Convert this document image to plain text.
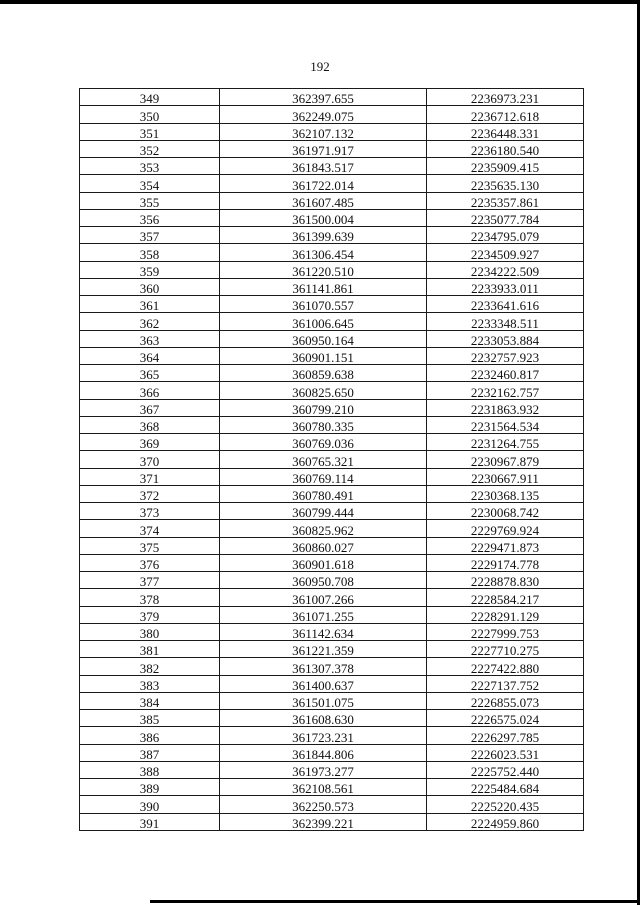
192
349	362397.655	2236973.231
350	362249.075	2236712.618
351	362107.132	2236448.331
352	361971.917	2236180.540
353	361843.517	2235909.415
354	361722.014	2235635.130
355	361607.485	2235357.861
356	361500.004	2235077.784
357	361399.639	2234795.079
358	361306.454	2234509.927
359	361220.510	2234222.509
360	361141.861	2233933.011
361	361070.557	2233641.616
362	361006.645	2233348.511
363	360950.164	2233053.884
364	360901.151	2232757.923
365	360859.638	2232460.817
366	360825.650	2232162.757
367	360799.210	2231863.932
368	360780.335	2231564.534
369	360769.036	2231264.755
370	360765.321	2230967.879
371	360769.114	2230667.911
372	360780.491	2230368.135
373	360799.444	2230068.742
374	360825.962	2229769.924
375	360860.027	2229471.873
376	360901.618	2229174.778
377	360950.708	2228878.830
378	361007.266	2228584.217
379	361071.255	2228291.129
380	361142.634	2227999.753
381	361221.359	2227710.275
382	361307.378	2227422.880
383	361400.637	2227137.752
384	361501.075	2226855.073
385	361608.630	2226575.024
386	361723.231	2226297.785
387	361844.806	2226023.531
388	361973.277	2225752.440
389	362108.561	2225484.684
390	362250.573	2225220.435
391	362399.221	2224959.860
